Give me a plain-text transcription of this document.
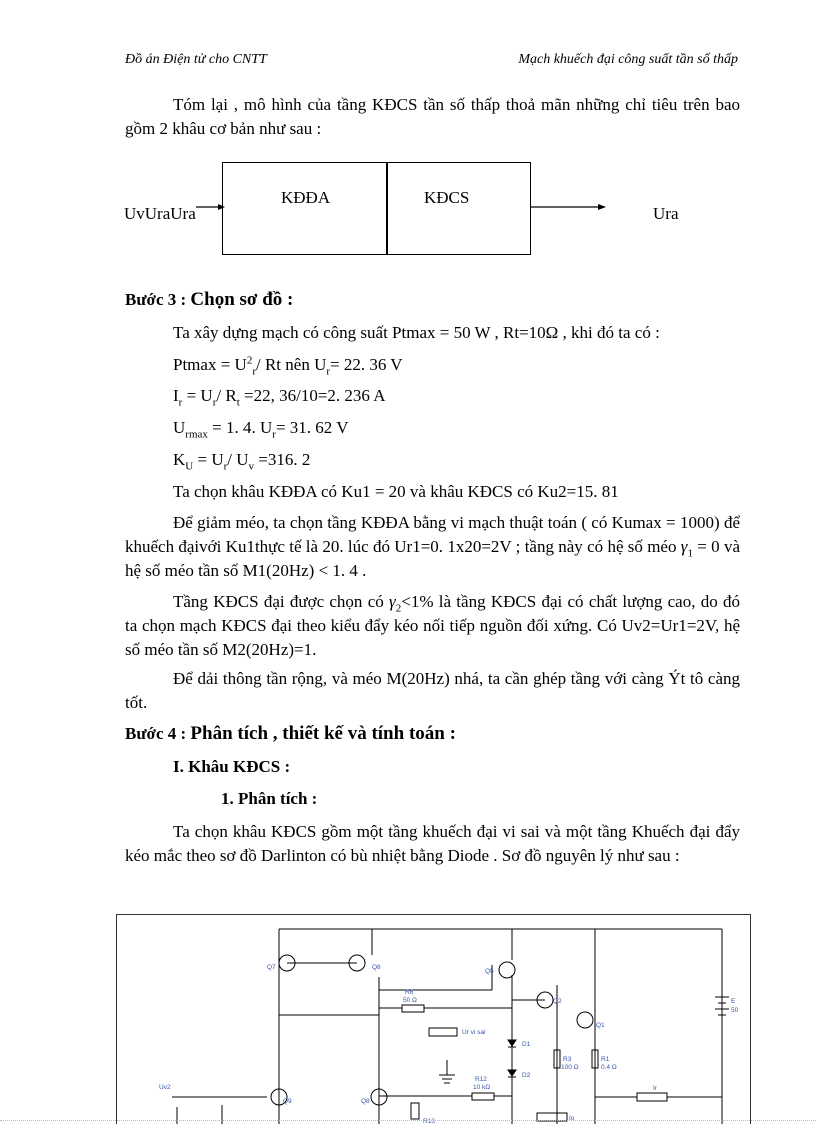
Đồ án Điện tử cho CNTT	Mạch khuếch đại công suất tần số thấp

Tóm lại , mô hình của tầng KĐCS tần số thấp thoả mãn những chỉ tiêu trên bao gồm 2 khâu cơ bản như sau :

UvUraUra
KĐĐA	KĐCS
Ura
Bước 3 : Chọn sơ đồ :
Ta xây dựng mạch có công suất Ptmax = 50 W , Rt=10Ω , khi đó ta có :
$Ptmax = U^2_r/$ Rt nên $U_r= 22$. 36 V
$I_r = U_r/$ $R_t =22$, 36/10=2. 236 A
$U_{rmax} = 1$. 4. $U_r= 31$. 62 V
$K_U = U_r/$ $U_v =316$. 2
Ta chọn khâu KĐĐA có Ku1 = 20 và khâu KĐCS có Ku2=15. 81

Để giảm méo, ta chọn tầng KĐĐA bằng vi mạch thuật toán ( có Kumax = 1000) để khuếch đạivới Ku1thực tế là 20. lúc đó Ur1=0. 1x20=2V ; tầng này có hệ số méo $\gamma_1 = 0$ và hệ số méo tần số M1(20Hz) < 1. 4 .

Tầng KĐCS đại được chọn có $\gamma_2<1\%$ là tầng KĐCS đại có chất lượng cao, do đó ta chọn mạch KĐCS đại theo kiểu đẩy kéo nối tiếp nguồn đối xứng. Có Uv2=Ur1=2V, hệ số méo tần số M2(20Hz)=1.

Để dải thông tần rộng, và méo M(20Hz) nhá, ta cần ghép tầng với càng Ýt tô càng tốt.

Bước 4 : Phân tích , thiết kế và tính toán :
I. Khâu KĐCS :
1. Phân tích :

Ta chọn khâu KĐCS gồm một tầng khuếch đại vi sai và một tầng Khuếch đại đẩy kéo mắc theo sơ đồ Darlinton có bù nhiệt bằng Diode . Sơ đồ nguyên lý như sau :

Q7	Q8
Q5
Q2
Q1
Q9	Q8
R6
50 Ω
Ur vi sai
D1
D2
R3
100 Ω
R1
0.4 Ω
R12
10 kΩ
R13
Uv2	Ir
Io
E
50
